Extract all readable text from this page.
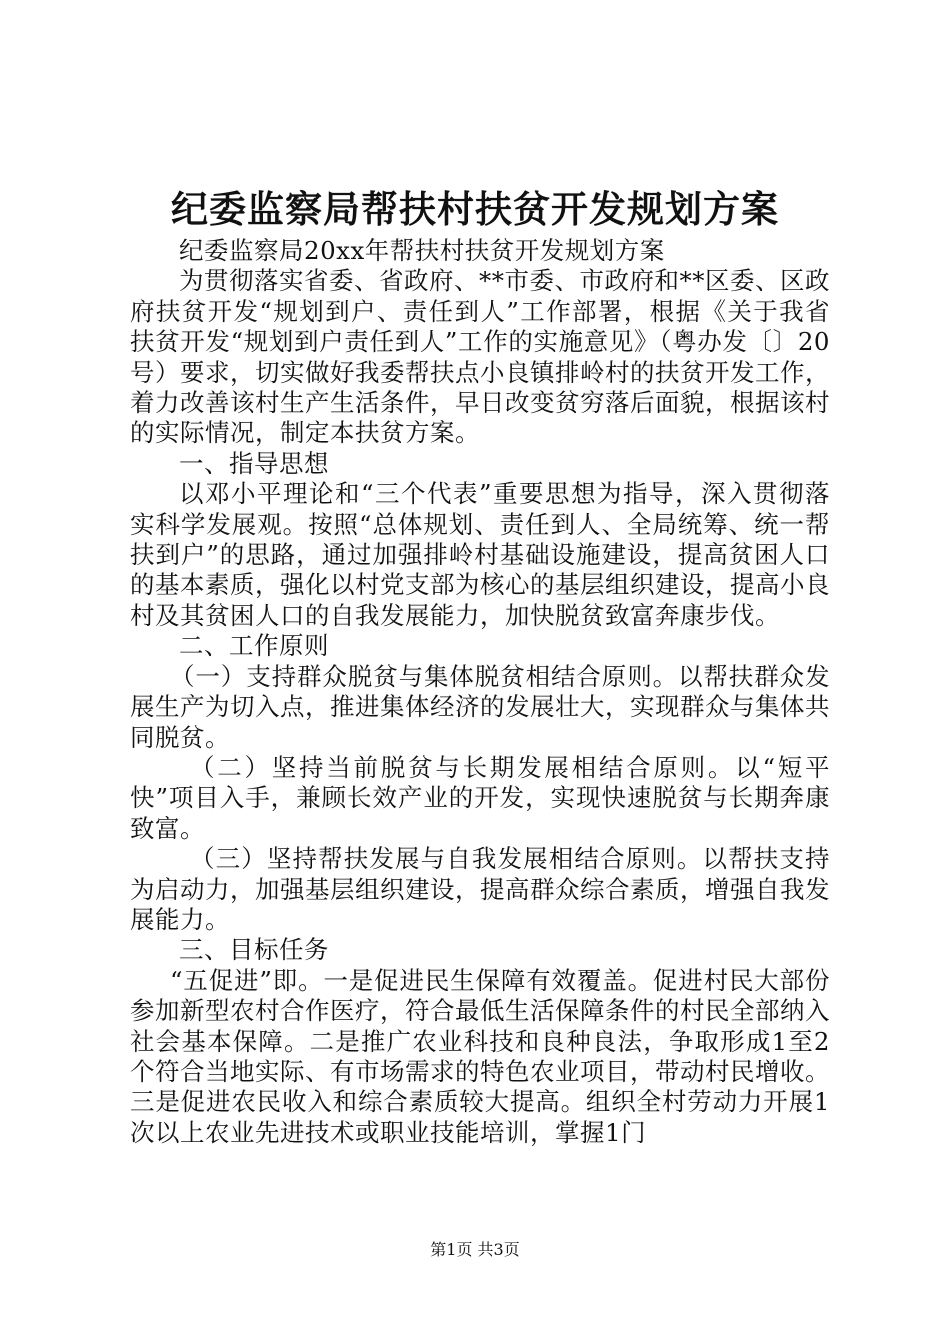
纪委监察局帮扶村扶贫开发规划方案

纪委监察局20xx年帮扶村扶贫开发规划方案

为贯彻落实省委、省政府、**市委、市政府和**区委、区政府扶贫开发“规划到户、责任到人”工作部署，根据《关于我省扶贫开发“规划到户责任到人”工作的实施意见》（粤办发〔〕20号）要求，切实做好我委帮扶点小良镇排岭村的扶贫开发工作，着力改善该村生产生活条件，早日改变贫穷落后面貌，根据该村的实际情况，制定本扶贫方案。

一、指导思想

以邓小平理论和“三个代表”重要思想为指导，深入贯彻落实科学发展观。按照“总体规划、责任到人、全局统筹、统一帮扶到户”的思路，通过加强排岭村基础设施建设，提高贫困人口的基本素质，强化以村党支部为核心的基层组织建设，提高小良村及其贫困人口的自我发展能力，加快脱贫致富奔康步伐。

二、工作原则

（一）支持群众脱贫与集体脱贫相结合原则。以帮扶群众发展生产为切入点，推进集体经济的发展壮大，实现群众与集体共同脱贫。

（二）坚持当前脱贫与长期发展相结合原则。以“短平快”项目入手，兼顾长效产业的开发，实现快速脱贫与长期奔康致富。

（三）坚持帮扶发展与自我发展相结合原则。以帮扶支持为启动力，加强基层组织建设，提高群众综合素质，增强自我发展能力。

三、目标任务

“五促进”即。一是促进民生保障有效覆盖。促进村民大部份参加新型农村合作医疗，符合最低生活保障条件的村民全部纳入社会基本保障。二是推广农业科技和良种良法，争取形成1至2个符合当地实际、有市场需求的特色农业项目，带动村民增收。三是促进农民收入和综合素质较大提高。组织全村劳动力开展1次以上农业先进技术或职业技能培训，掌握1门

第1页 共3页
